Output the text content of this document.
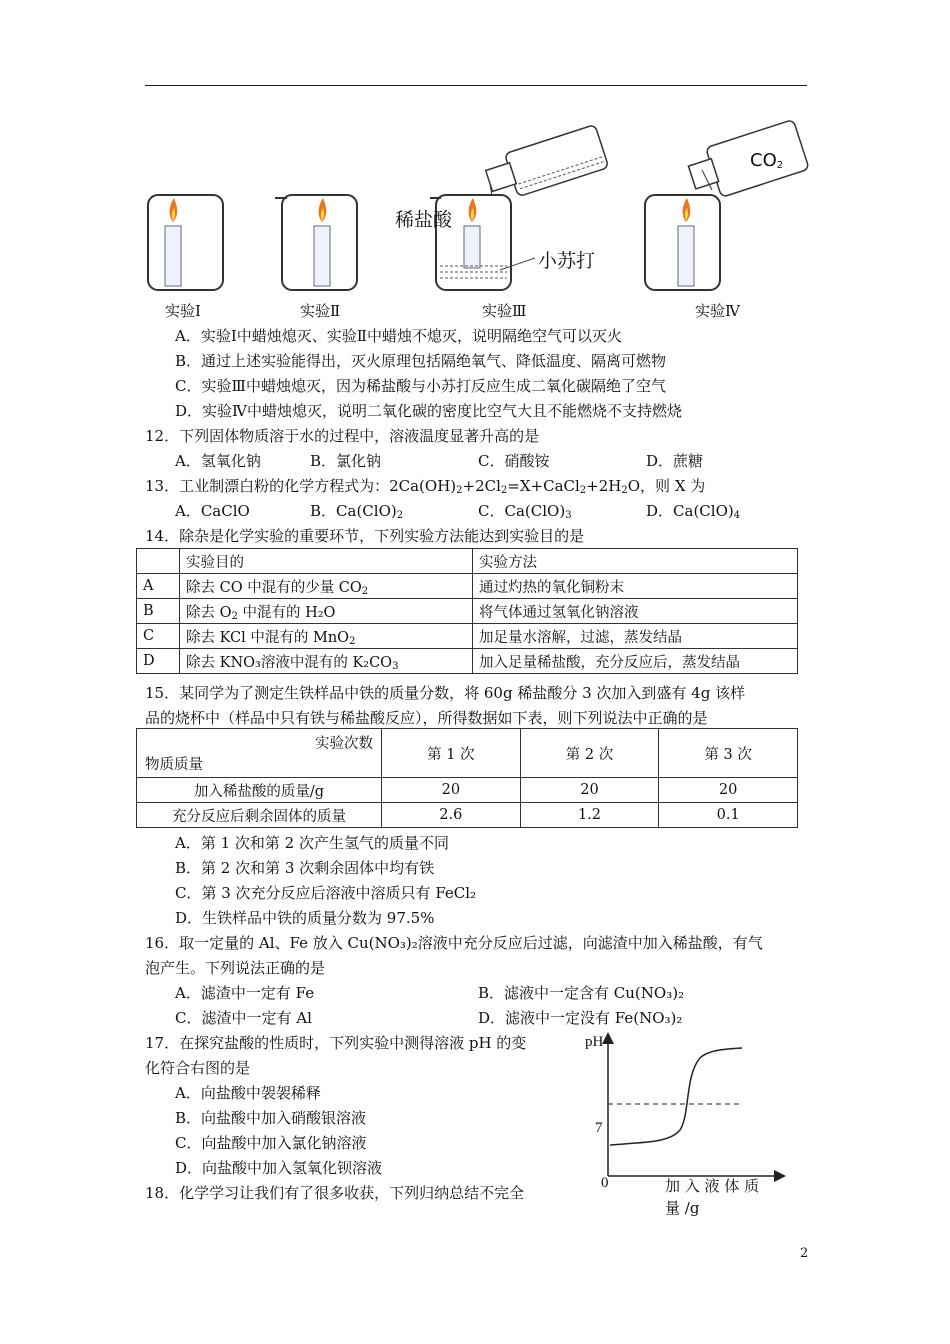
稀盐酸
小苏打
$CO_2$
实验Ⅰ	实验Ⅱ	实验Ⅲ	实验Ⅳ
A．实验Ⅰ中蜡烛熄灭、实验Ⅱ中蜡烛不熄灭，说明隔绝空气可以灭火
B．通过上述实验能得出，灭火原理包括隔绝氧气、降低温度、隔离可燃物
C．实验Ⅲ中蜡烛熄灭，因为稀盐酸与小苏打反应生成二氧化碳隔绝了空气
D．实验Ⅳ中蜡烛熄灭，说明二氧化碳的密度比空气大且不能燃烧不支持燃烧
12．下列固体物质溶于水的过程中，溶液温度显著升高的是
A．氢氧化钠	B．氯化钠	C．硝酸铵	D．蔗糖
13．工业制漂白粉的化学方程式为：$2Ca(OH)_2+2Cl_2=X+CaCl_2+2H_2O$，则 X 为
A．CaClO	B．$Ca(ClO)_2$	C．$Ca(ClO)_3$	D．$Ca(ClO)_4$
14．除杂是化学实验的重要环节，下列实验方法能达到实验目的是
	实验目的	实验方法
A	除去 CO 中混有的少量 $CO_2$	通过灼热的氧化铜粉末
B	除去 $O_2$ 中混有的 H₂O	将气体通过氢氧化钠溶液
C	除去 KCl 中混有的 MnO$_2$	加足量水溶解，过滤，蒸发结晶
D	除去 KNO₃溶液中混有的 $K_2CO_3$	加入足量稀盐酸，充分反应后，蒸发结晶
15．某同学为了测定生铁样品中铁的质量分数，将 60g 稀盐酸分 3 次加入到盛有 4g 该样
品的烧杯中（样品中只有铁与稀盐酸反应），所得数据如下表，则下列说法中正确的是
实验次数
物质质量	第 1 次	第 2 次	第 3 次
加入稀盐酸的质量/g	20	20	20
充分反应后剩余固体的质量	2.6	1.2	0.1
A．第 1 次和第 2 次产生氢气的质量不同
B．第 2 次和第 3 次剩余固体中均有铁
C．第 3 次充分反应后溶液中溶质只有 FeCl₂
D．生铁样品中铁的质量分数为 97.5%
16．取一定量的 Al、Fe 放入 Cu(NO₃)₂溶液中充分反应后过滤，向滤渣中加入稀盐酸，有气
泡产生。下列说法正确的是
A．滤渣中一定有 Fe	B．滤液中一定含有 Cu(NO₃)₂
C．滤渣中一定有 Al	D．滤液中一定没有 Fe(NO₃)₂
17．在探究盐酸的性质时，下列实验中测得溶液 pH 的变
化符合右图的是
A．向盐酸中袈袈稀释
B．向盐酸中加入硝酸银溶液
C．向盐酸中加入氯化钠溶液
D．向盐酸中加入氢氧化钡溶液
18．化学学习让我们有了很多收获，下列归纳总结不完全
pH
7
0	加 入 液 体 质
量 /g
2
